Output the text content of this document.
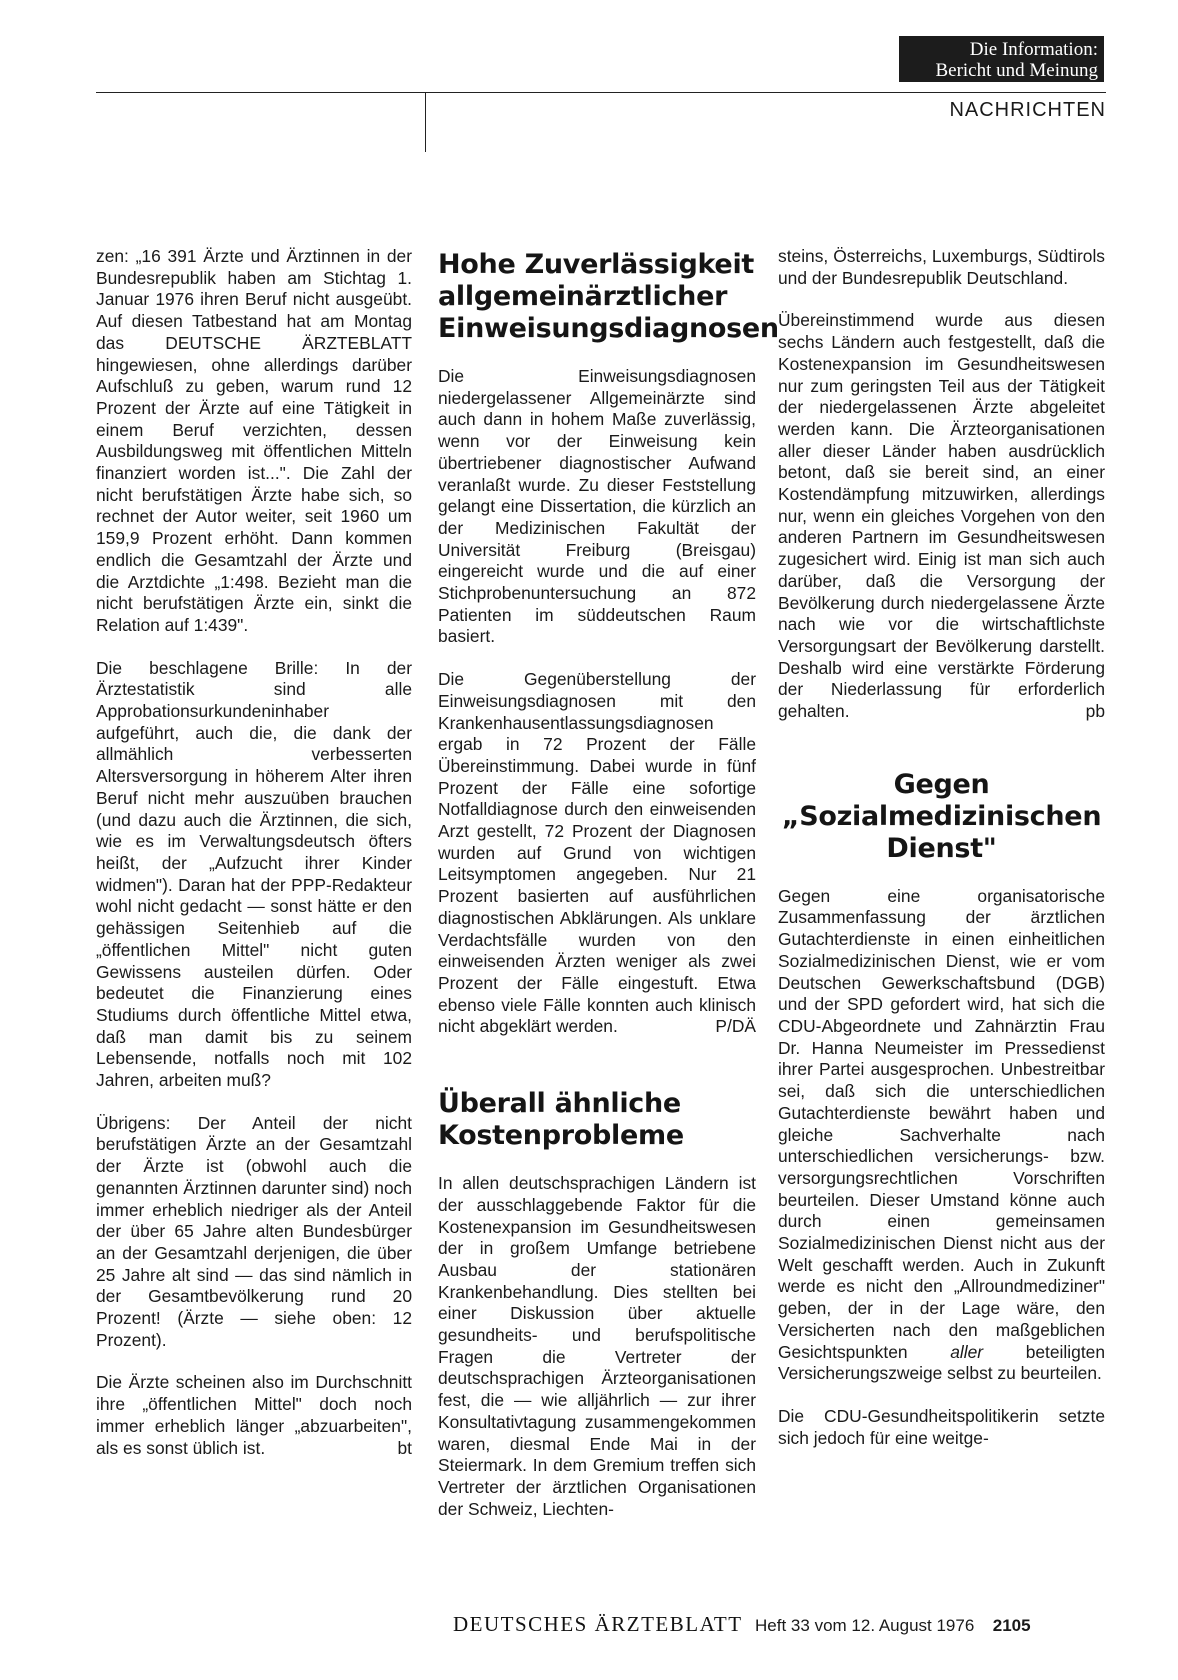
Die Information:
Bericht und Meinung
NACHRICHTEN

zen: „16 391 Ärzte und Ärztinnen in der Bundesrepublik haben am Stichtag 1. Januar 1976 ihren Beruf nicht ausgeübt. Auf diesen Tatbestand hat am Montag das DEUTSCHE ÄRZTEBLATT hingewiesen, ohne allerdings darüber Aufschluß zu geben, warum rund 12 Prozent der Ärzte auf eine Tätigkeit in einem Beruf verzichten, dessen Ausbildungsweg mit öffentlichen Mitteln finanziert worden ist...". Die Zahl der nicht berufstätigen Ärzte habe sich, so rechnet der Autor weiter, seit 1960 um 159,9 Prozent erhöht. Dann kommen endlich die Gesamtzahl der Ärzte und die Arztdichte „1:498. Bezieht man die nicht berufstätigen Ärzte ein, sinkt die Relation auf 1:439".

Die beschlagene Brille: In der Ärztestatistik sind alle Approbationsurkundeninhaber aufgeführt, auch die, die dank der allmählich verbesserten Altersversorgung in höherem Alter ihren Beruf nicht mehr auszuüben brauchen (und dazu auch die Ärztinnen, die sich, wie es im Verwaltungsdeutsch öfters heißt, der „Aufzucht ihrer Kinder widmen"). Daran hat der PPP-Redakteur wohl nicht gedacht — sonst hätte er den gehässigen Seitenhieb auf die „öffentlichen Mittel" nicht guten Gewissens austeilen dürfen. Oder bedeutet die Finanzierung eines Studiums durch öffentliche Mittel etwa, daß man damit bis zu seinem Lebensende, notfalls noch mit 102 Jahren, arbeiten muß?

Übrigens: Der Anteil der nicht berufstätigen Ärzte an der Gesamtzahl der Ärzte ist (obwohl auch die genannten Ärztinnen darunter sind) noch immer erheblich niedriger als der Anteil der über 65 Jahre alten Bundesbürger an der Gesamtzahl derjenigen, die über 25 Jahre alt sind — das sind nämlich in der Gesamtbevölkerung rund 20 Prozent! (Ärzte — siehe oben: 12 Prozent).

Die Ärzte scheinen also im Durchschnitt ihre „öffentlichen Mittel" doch noch immer erheblich länger „abzuarbeiten", als es sonst üblich ist.	bt

Hohe Zuverlässigkeit allgemeinärztlicher Einweisungsdiagnosen

Die Einweisungsdiagnosen niedergelassener Allgemeinärzte sind auch dann in hohem Maße zuverlässig, wenn vor der Einweisung kein übertriebener diagnostischer Aufwand veranlaßt wurde. Zu dieser Feststellung gelangt eine Dissertation, die kürzlich an der Medizinischen Fakultät der Universität Freiburg (Breisgau) eingereicht wurde und die auf einer Stichprobenuntersuchung an 872 Patienten im süddeutschen Raum basiert.

Die Gegenüberstellung der Einweisungsdiagnosen mit den Krankenhausentlassungsdiagnosen ergab in 72 Prozent der Fälle Übereinstimmung. Dabei wurde in fünf Prozent der Fälle eine sofortige Notfalldiagnose durch den einweisenden Arzt gestellt, 72 Prozent der Diagnosen wurden auf Grund von wichtigen Leitsymptomen angegeben. Nur 21 Prozent basierten auf ausführlichen diagnostischen Abklärungen. Als unklare Verdachtsfälle wurden von den einweisenden Ärzten weniger als zwei Prozent der Fälle eingestuft. Etwa ebenso viele Fälle konnten auch klinisch nicht abgeklärt werden.	P/DÄ

Überall ähnliche Kostenprobleme

In allen deutschsprachigen Ländern ist der ausschlaggebende Faktor für die Kostenexpansion im Gesundheitswesen der in großem Umfange betriebene Ausbau der stationären Krankenbehandlung. Dies stellten bei einer Diskussion über aktuelle gesundheits- und berufspolitische Fragen die Vertreter der deutschsprachigen Ärzteorganisationen fest, die — wie alljährlich — zur ihrer Konsultativtagung zusammengekommen waren, diesmal Ende Mai in der Steiermark. In dem Gremium treffen sich Vertreter der ärztlichen Organisationen der Schweiz, Liechten-

steins, Österreichs, Luxemburgs, Südtirols und der Bundesrepublik Deutschland.

Übereinstimmend wurde aus diesen sechs Ländern auch festgestellt, daß die Kostenexpansion im Gesundheitswesen nur zum geringsten Teil aus der Tätigkeit der niedergelassenen Ärzte abgeleitet werden kann. Die Ärzteorganisationen aller dieser Länder haben ausdrücklich betont, daß sie bereit sind, an einer Kostendämpfung mitzuwirken, allerdings nur, wenn ein gleiches Vorgehen von den anderen Partnern im Gesundheitswesen zugesichert wird. Einig ist man sich auch darüber, daß die Versorgung der Bevölkerung durch niedergelassene Ärzte nach wie vor die wirtschaftlichste Versorgungsart der Bevölkerung darstellt. Deshalb wird eine verstärkte Förderung der Niederlassung für erforderlich gehalten.	pb

Gegen „Sozialmedizinischen Dienst"

Gegen eine organisatorische Zusammenfassung der ärztlichen Gutachterdienste in einen einheitlichen Sozialmedizinischen Dienst, wie er vom Deutschen Gewerkschaftsbund (DGB) und der SPD gefordert wird, hat sich die CDU-Abgeordnete und Zahnärztin Frau Dr. Hanna Neumeister im Pressedienst ihrer Partei ausgesprochen. Unbestreitbar sei, daß sich die unterschiedlichen Gutachterdienste bewährt haben und gleiche Sachverhalte nach unterschiedlichen versicherungs- bzw. versorgungsrechtlichen Vorschriften beurteilen. Dieser Umstand könne auch durch einen gemeinsamen Sozialmedizinischen Dienst nicht aus der Welt geschafft werden. Auch in Zukunft werde es nicht den „Allroundmediziner" geben, der in der Lage wäre, den Versicherten nach den maßgeblichen Gesichtspunkten aller beteiligten Versicherungszweige selbst zu beurteilen.

Die CDU-Gesundheitspolitikerin setzte sich jedoch für eine weitge-

DEUTSCHES ÄRZTEBLATT Heft 33 vom 12. August 1976 2105
